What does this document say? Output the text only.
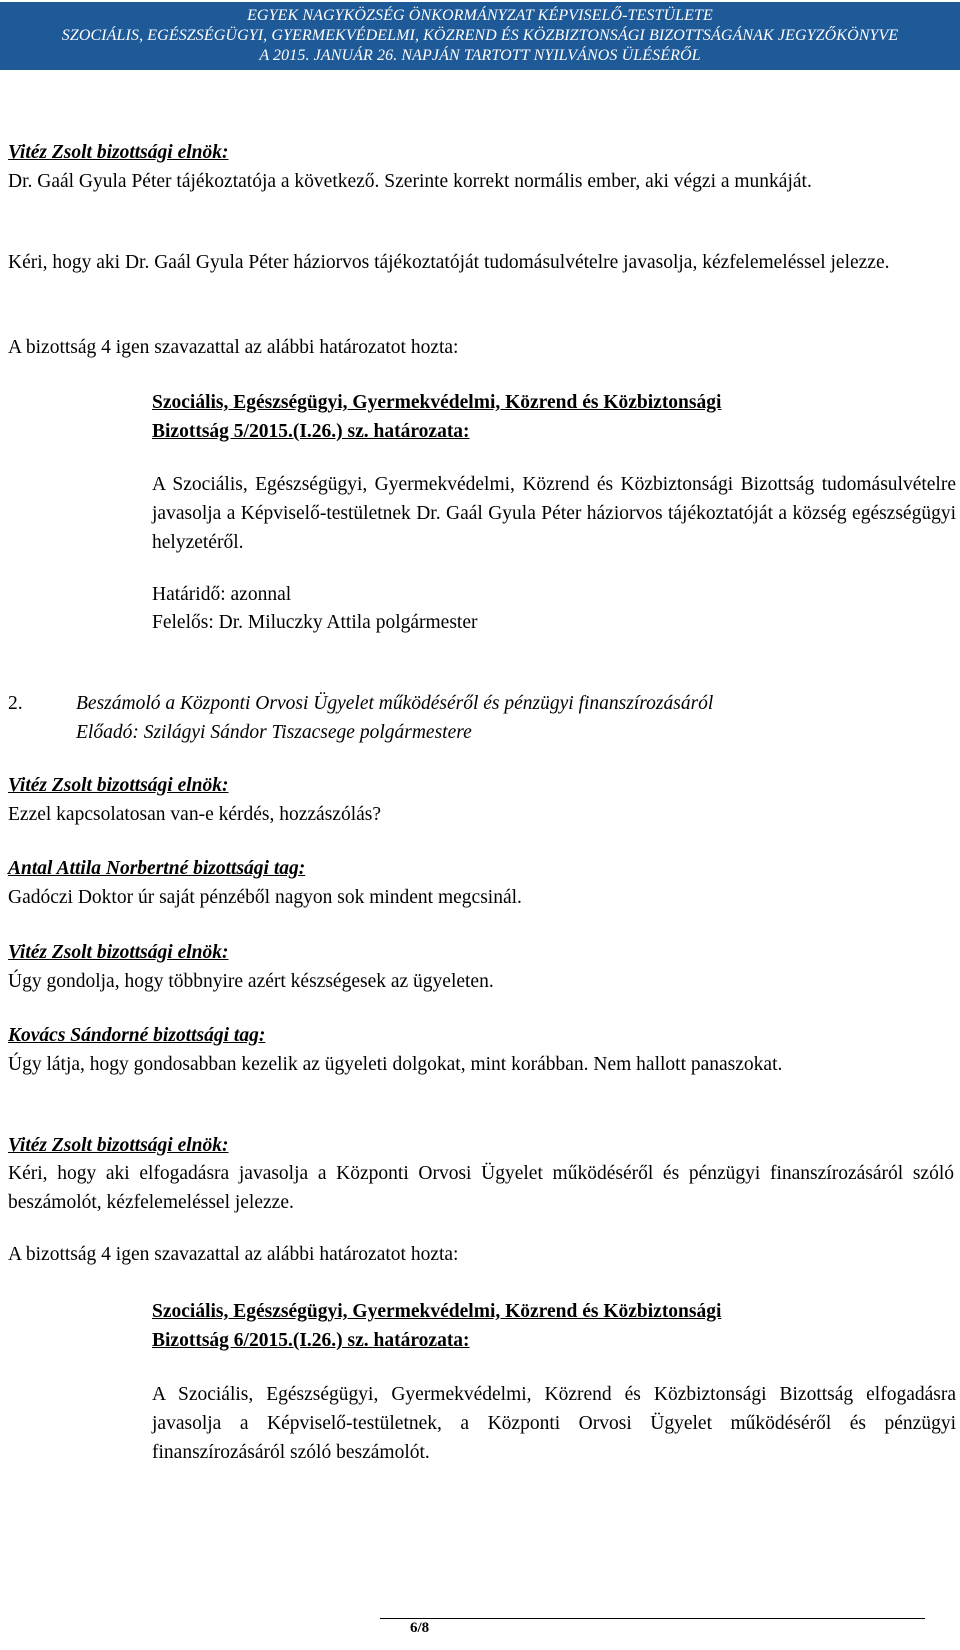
EGYEK NAGYKÖZSÉG ÖNKORMÁNYZAT KÉPVISELŐ-TESTÜLETE
SZOCIÁLIS, EGÉSZSÉGÜGYI, GYERMEKVÉDELMI, KÖZREND ÉS KÖZBIZTONSÁGI BIZOTTSÁGÁNAK JEGYZŐKÖNYVE
A 2015. JANUÁR 26. NAPJÁN TARTOTT NYILVÁNOS ÜLÉSÉRŐL
Vitéz Zsolt bizottsági elnök:
Dr. Gaál Gyula Péter tájékoztatója a következő. Szerinte korrekt normális ember, aki végzi a munkáját.
Kéri, hogy aki Dr. Gaál Gyula Péter háziorvos tájékoztatóját tudomásulvételre javasolja, kézfelemeléssel jelezze.
A bizottság 4 igen szavazattal az alábbi határozatot hozta:
Szociális, Egészségügyi, Gyermekvédelmi, Közrend és Közbiztonsági
Bizottság 5/2015.(I.26.) sz. határozata:
A Szociális, Egészségügyi, Gyermekvédelmi, Közrend és Közbiztonsági Bizottság tudomásulvételre javasolja a Képviselő-testületnek Dr. Gaál Gyula Péter háziorvos tájékoztatóját a község egészségügyi helyzetéről.
Határidő: azonnal
Felelős: Dr. Miluczky Attila polgármester
2.	Beszámoló a Központi Orvosi Ügyelet működéséről és pénzügyi finanszírozásáról
Előadó: Szilágyi Sándor Tiszacsege polgármestere
Vitéz Zsolt bizottsági elnök:
Ezzel kapcsolatosan van-e kérdés, hozzászólás?
Antal Attila Norbertné bizottsági tag:
Gadóczi Doktor úr saját pénzéből nagyon sok mindent megcsinál.
Vitéz Zsolt bizottsági elnök:
Úgy gondolja, hogy többnyire azért készségesek az ügyeleten.
Kovács Sándorné bizottsági tag:
Úgy látja, hogy gondosabban kezelik az ügyeleti dolgokat, mint korábban. Nem hallott panaszokat.
Vitéz Zsolt bizottsági elnök:
Kéri, hogy aki elfogadásra javasolja a Központi Orvosi Ügyelet működéséről és pénzügyi finanszírozásáról szóló beszámolót, kézfelemeléssel jelezze.
A bizottság 4 igen szavazattal az alábbi határozatot hozta:
Szociális, Egészségügyi, Gyermekvédelmi, Közrend és Közbiztonsági
Bizottság 6/2015.(I.26.) sz. határozata:
A Szociális, Egészségügyi, Gyermekvédelmi, Közrend és Közbiztonsági Bizottság elfogadásra javasolja a Képviselő-testületnek, a Központi Orvosi Ügyelet működéséről és pénzügyi finanszírozásáról szóló beszámolót.
6/8
